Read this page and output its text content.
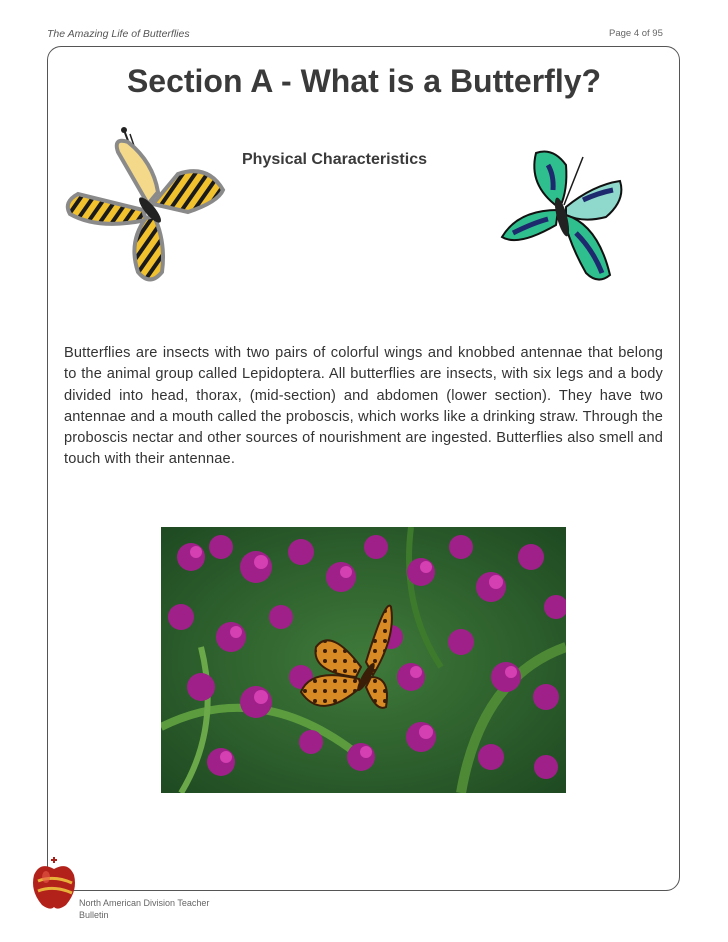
The Amazing Life of Butterflies	Page 4 of 95
Section A - What is a Butterfly?
Physical Characteristics

Butterflies are insects with two pairs of colorful wings and knobbed antennae that belong to the animal group called Lepidoptera. All butterflies are insects, with six legs and a body divided into head, thorax, (mid-section) and abdomen (lower section). They have two antennae and a mouth called the proboscis, which works like a drinking straw. Through the proboscis nectar and other sources of nourishment are ingested. Butterflies also smell and touch with their antennae.

North American Division Teacher Bulletin
